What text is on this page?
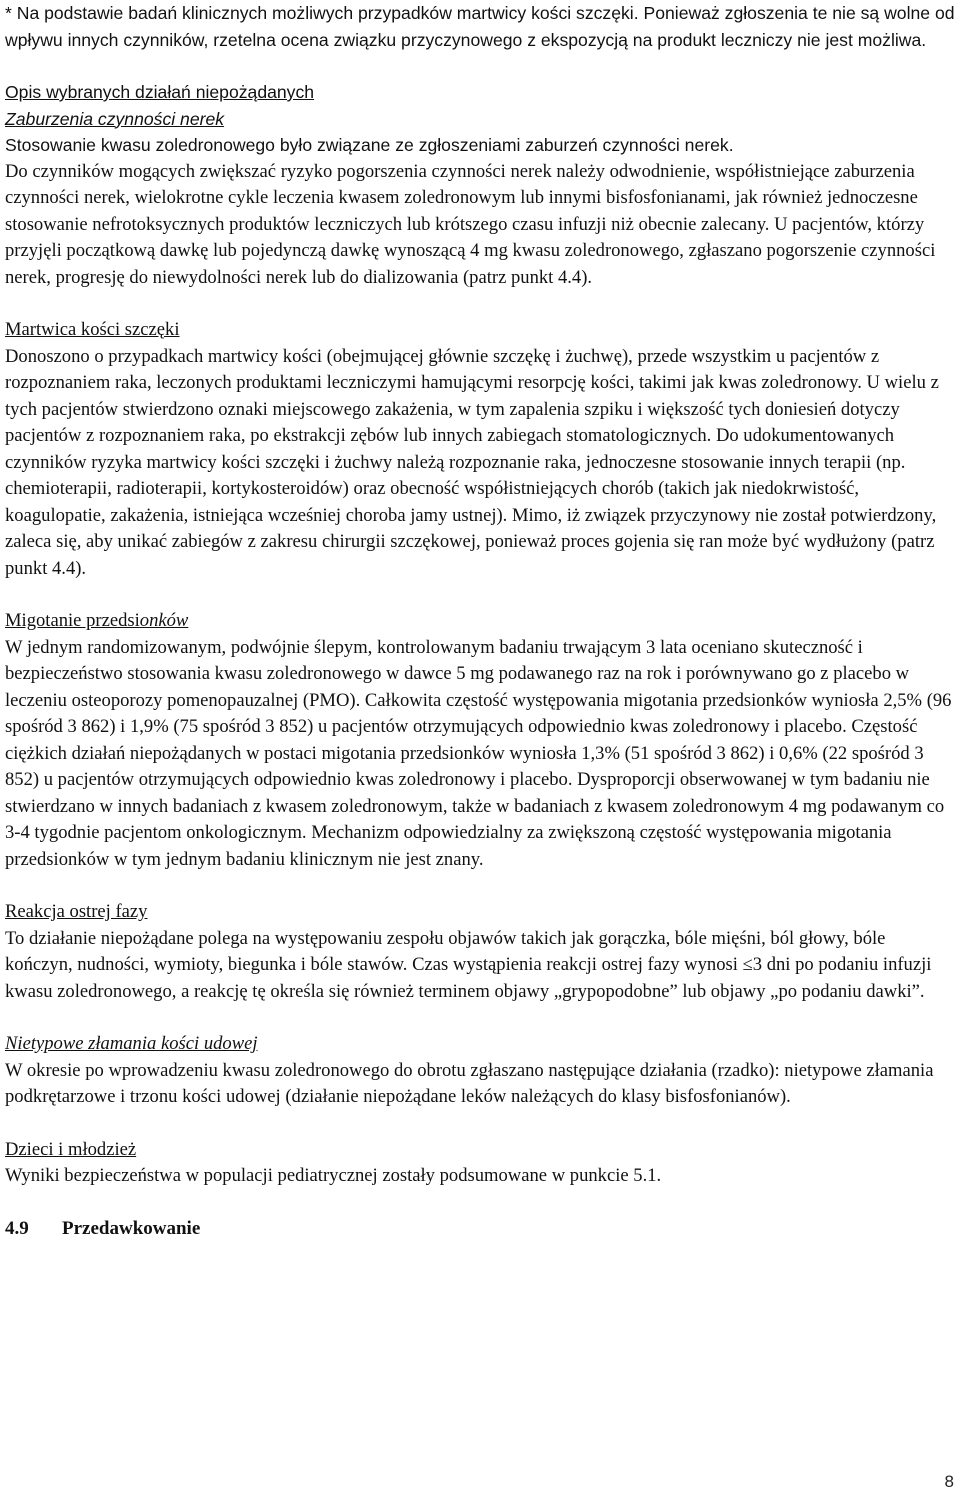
* Na podstawie badań klinicznych możliwych przypadków martwicy kości szczęki. Ponieważ zgłoszenia te nie są wolne od wpływu innych czynników, rzetelna ocena związku przyczynowego z ekspozycją na produkt leczniczy nie jest możliwa.

Opis wybranych działań niepożądanych

Zaburzenia czynności nerek

Stosowanie kwasu zoledronowego było związane ze zgłoszeniami zaburzeń czynności nerek.

Do czynników mogących zwiększać ryzyko pogorszenia czynności nerek należy odwodnienie, współistniejące zaburzenia czynności nerek, wielokrotne cykle leczenia kwasem zoledronowym lub innymi bisfosfonianami, jak również jednoczesne stosowanie nefrotoksycznych produktów leczniczych lub krótszego czasu infuzji niż obecnie zalecany. U pacjentów, którzy przyjęli początkową dawkę lub pojedynczą dawkę wynoszącą 4 mg kwasu zoledronowego, zgłaszano pogorszenie czynności nerek, progresję do niewydolności nerek lub do dializowania (patrz punkt 4.4).

Martwica kości szczęki

Donoszono o przypadkach martwicy kości (obejmującej głównie szczękę i żuchwę), przede wszystkim u pacjentów z rozpoznaniem raka, leczonych produktami leczniczymi hamującymi resorpcję kości, takimi jak kwas zoledronowy. U wielu z tych pacjentów stwierdzono oznaki miejscowego zakażenia, w tym zapalenia szpiku i większość tych doniesień dotyczy pacjentów z rozpoznaniem raka, po ekstrakcji zębów lub innych zabiegach stomatologicznych. Do udokumentowanych czynników ryzyka martwicy kości szczęki i żuchwy należą rozpoznanie raka, jednoczesne stosowanie innych terapii (np. chemioterapii, radioterapii, kortykosteroidów) oraz obecność współistniejących chorób (takich jak niedokrwistość, koagulopatie, zakażenia, istniejąca wcześniej choroba jamy ustnej). Mimo, iż związek przyczynowy nie został potwierdzony, zaleca się, aby unikać zabiegów z zakresu chirurgii szczękowej, ponieważ proces gojenia się ran może być wydłużony (patrz punkt 4.4).

Migotanie przedsionków

W jednym randomizowanym, podwójnie ślepym, kontrolowanym badaniu trwającym 3 lata oceniano skuteczność i bezpieczeństwo stosowania kwasu zoledronowego w dawce 5 mg podawanego raz na rok i porównywano go z placebo w leczeniu osteoporozy pomenopauzalnej (PMO). Całkowita częstość występowania migotania przedsionków wyniosła 2,5% (96 spośród 3 862) i 1,9% (75 spośród 3 852) u pacjentów otrzymujących odpowiednio kwas zoledronowy i placebo. Częstość ciężkich działań niepożądanych w postaci migotania przedsionków wyniosła 1,3% (51 spośród 3 862) i 0,6% (22 spośród 3 852) u pacjentów otrzymujących odpowiednio kwas zoledronowy i placebo. Dysproporcji obserwowanej w tym badaniu nie stwierdzano w innych badaniach z kwasem zoledronowym, także w badaniach z kwasem zoledronowym 4 mg podawanym co 3-4 tygodnie pacjentom onkologicznym. Mechanizm odpowiedzialny za zwiększoną częstość występowania migotania przedsionków w tym jednym badaniu klinicznym nie jest znany.

Reakcja ostrej fazy

To działanie niepożądane polega na występowaniu zespołu objawów takich jak gorączka, bóle mięśni, ból głowy, bóle kończyn, nudności, wymioty, biegunka i bóle stawów. Czas wystąpienia reakcji ostrej fazy wynosi ≤3 dni po podaniu infuzji kwasu zoledronowego, a reakcję tę określa się również terminem objawy „grypopodobne” lub objawy „po podaniu dawki”.

Nietypowe złamania kości udowej

W okresie po wprowadzeniu kwasu zoledronowego do obrotu zgłaszano następujące działania (rzadko): nietypowe złamania podkrętarzowe i trzonu kości udowej (działanie niepożądane leków należących do klasy bisfosfonianów).

Dzieci i młodzież

Wyniki bezpieczeństwa w populacji pediatrycznej zostały podsumowane w punkcie 5.1.

4.9 Przedawkowanie

8
